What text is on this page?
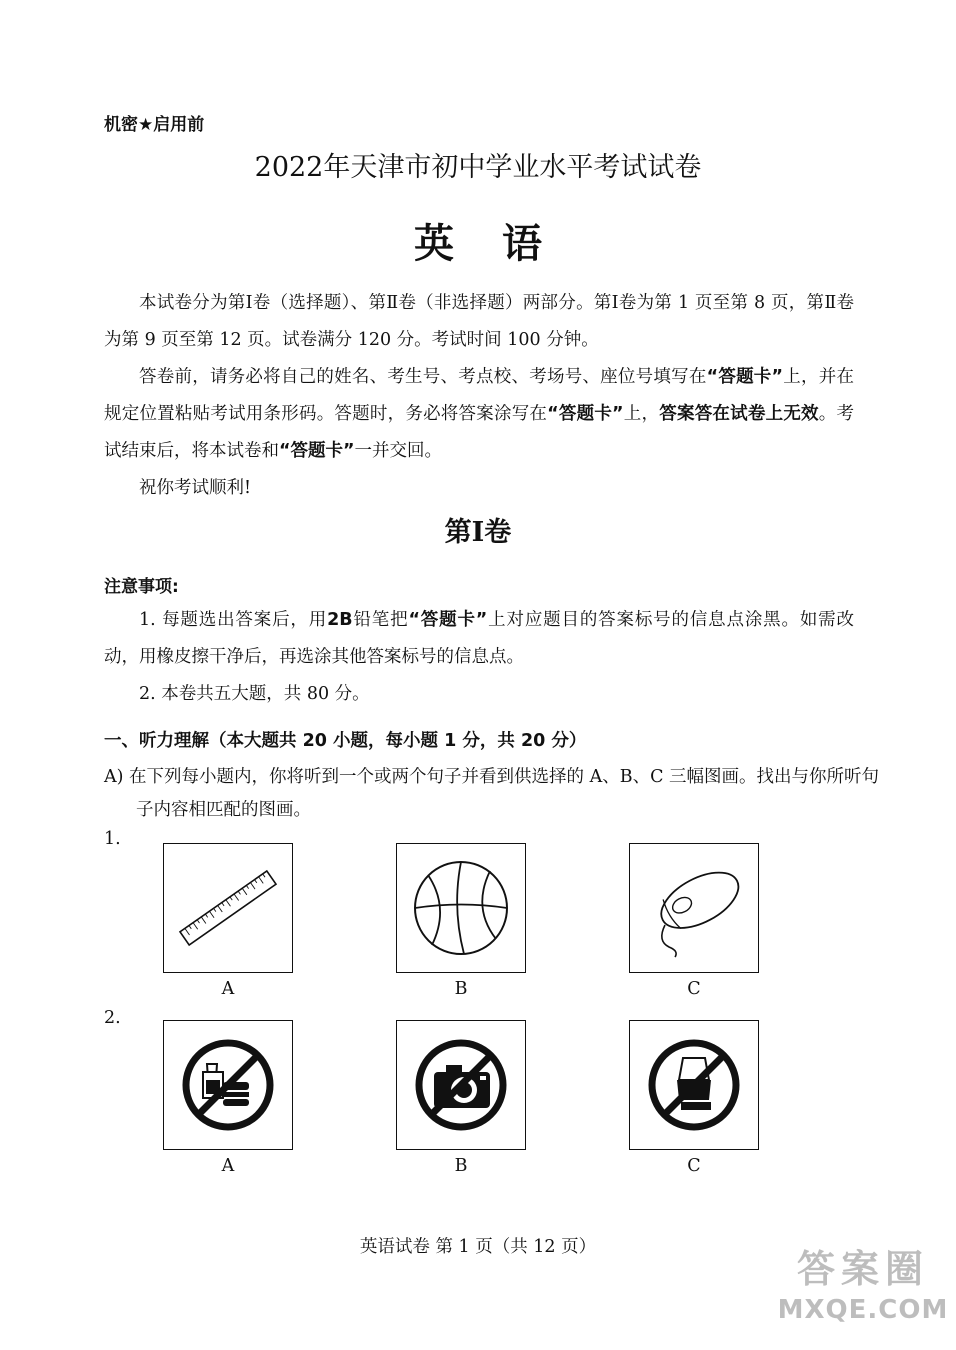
机密★启用前
2022年天津市初中学业水平考试试卷
英语
本试卷分为第Ⅰ卷（选择题）、第Ⅱ卷（非选择题）两部分。第Ⅰ卷为第 1 页至第 8 页，第Ⅱ卷为第 9 页至第 12 页。试卷满分 120 分。考试时间 100 分钟。
答卷前，请务必将自己的姓名、考生号、考点校、考场号、座位号填写在“答题卡”上，并在规定位置粘贴考试用条形码。答题时，务必将答案涂写在“答题卡”上，答案答在试卷上无效。考试结束后，将本试卷和“答题卡”一并交回。
祝你考试顺利!
第Ⅰ卷
注意事项:
1. 每题选出答案后，用2B铅笔把“答题卡”上对应题目的答案标号的信息点涂黑。如需改动，用橡皮擦干净后，再选涂其他答案标号的信息点。
2. 本卷共五大题，共 80 分。
一、听力理解（本大题共 20 小题，每小题 1 分，共 20 分）
A) 在下列每小题内，你将听到一个或两个句子并看到供选择的 A、B、C 三幅图画。找出与你所听句子内容相匹配的图画。
1.
A	B	C
2.
A	B	C
英语试卷 第 1 页（共 12 页）	答案圈
MXQE.COM
